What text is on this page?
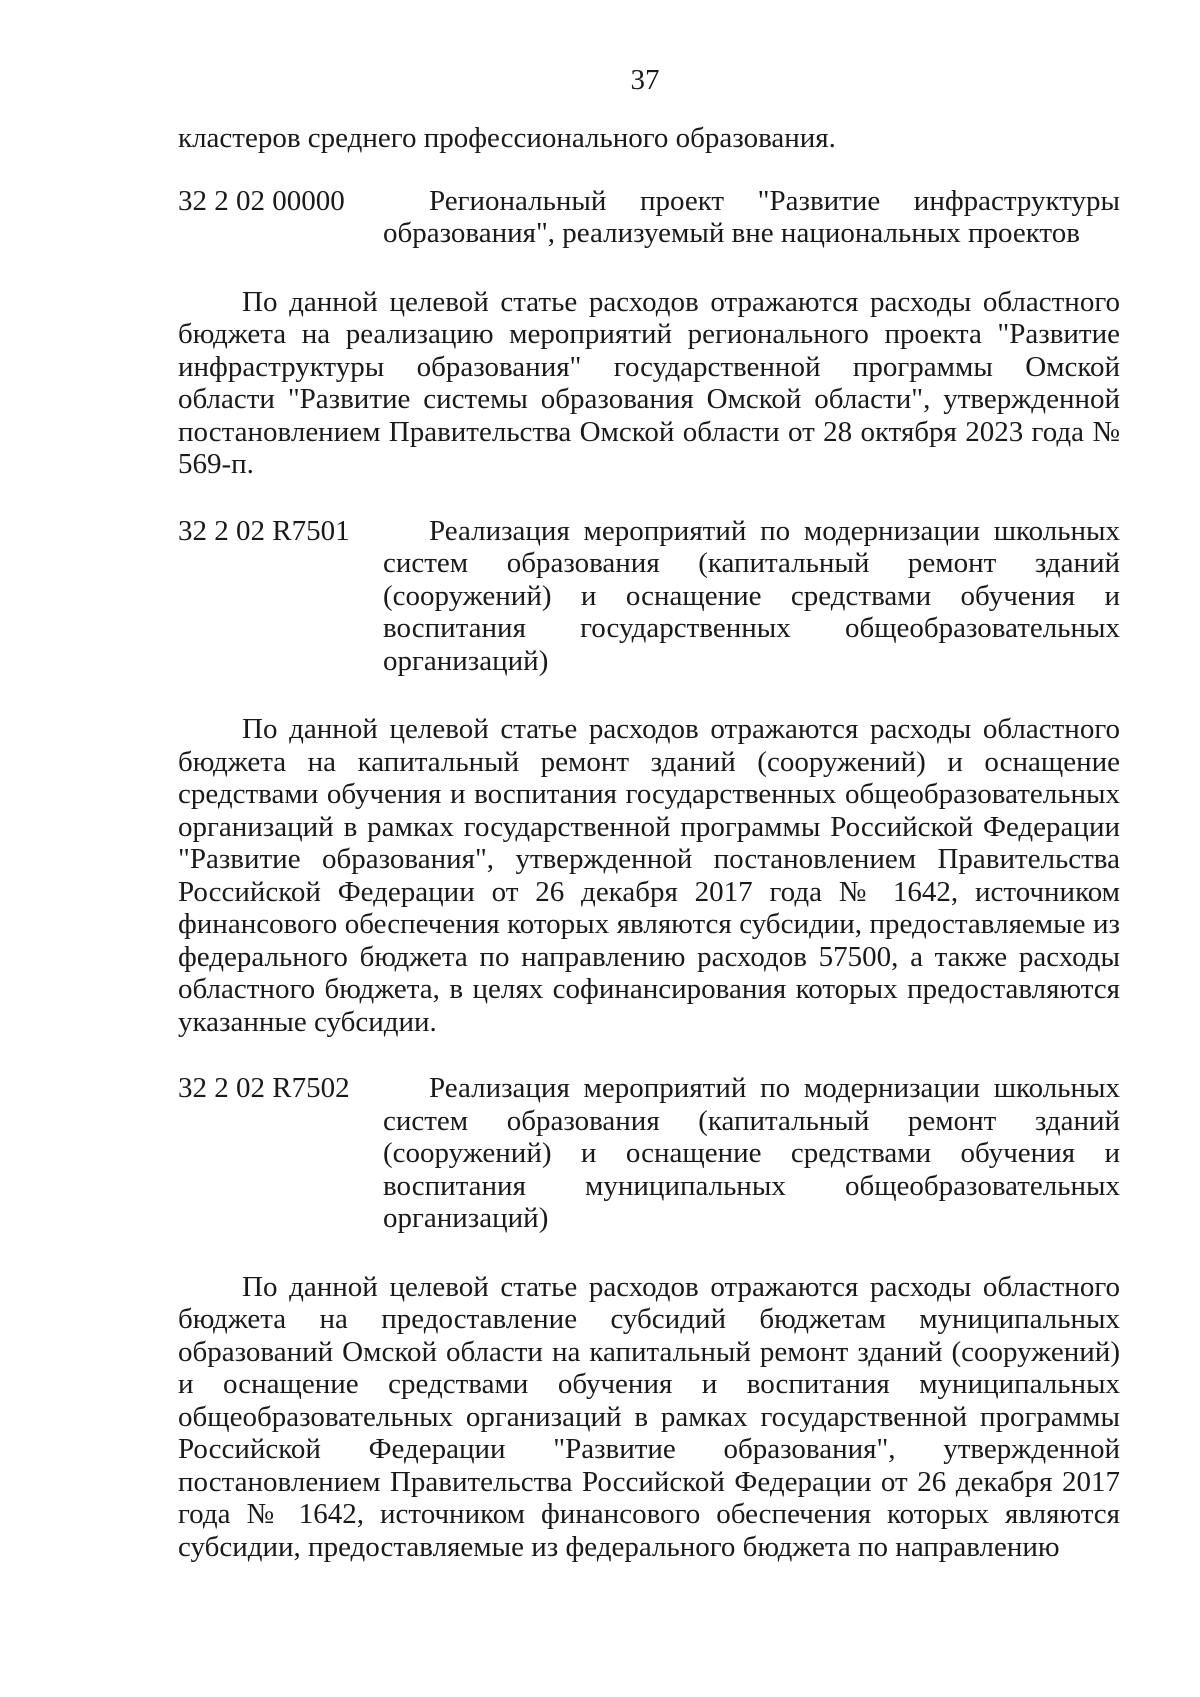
37

кластеров среднего профессионального образования.

32 2 02 00000	Региональный проект "Развитие инфраструктуры образования", реализуемый вне национальных проектов

По данной целевой статье расходов отражаются расходы областного бюджета на реализацию мероприятий регионального проекта "Развитие инфраструктуры образования" государственной программы Омской области "Развитие системы образования Омской области", утвержденной постановлением Правительства Омской области от 28 октября 2023 года № 569-п.

32 2 02 R7501	Реализация мероприятий по модернизации школьных систем образования (капитальный ремонт зданий (сооружений) и оснащение средствами обучения и воспитания государственных общеобразовательных организаций)

По данной целевой статье расходов отражаются расходы областного бюджета на капитальный ремонт зданий (сооружений) и оснащение средствами обучения и воспитания государственных общеобразовательных организаций в рамках государственной программы Российской Федерации "Развитие образования", утвержденной постановлением Правительства Российской Федерации от 26 декабря 2017 года № 1642, источником финансового обеспечения которых являются субсидии, предоставляемые из федерального бюджета по направлению расходов 57500, а также расходы областного бюджета, в целях софинансирования которых предоставляются указанные субсидии.

32 2 02 R7502	Реализация мероприятий по модернизации школьных систем образования (капитальный ремонт зданий (сооружений) и оснащение средствами обучения и воспитания муниципальных общеобразовательных организаций)

По данной целевой статье расходов отражаются расходы областного бюджета на предоставление субсидий бюджетам муниципальных образований Омской области на капитальный ремонт зданий (сооружений) и оснащение средствами обучения и воспитания муниципальных общеобразовательных организаций в рамках государственной программы Российской Федерации "Развитие образования", утвержденной постановлением Правительства Российской Федерации от 26 декабря 2017 года № 1642, источником финансового обеспечения которых являются субсидии, предоставляемые из федерального бюджета по направлению
